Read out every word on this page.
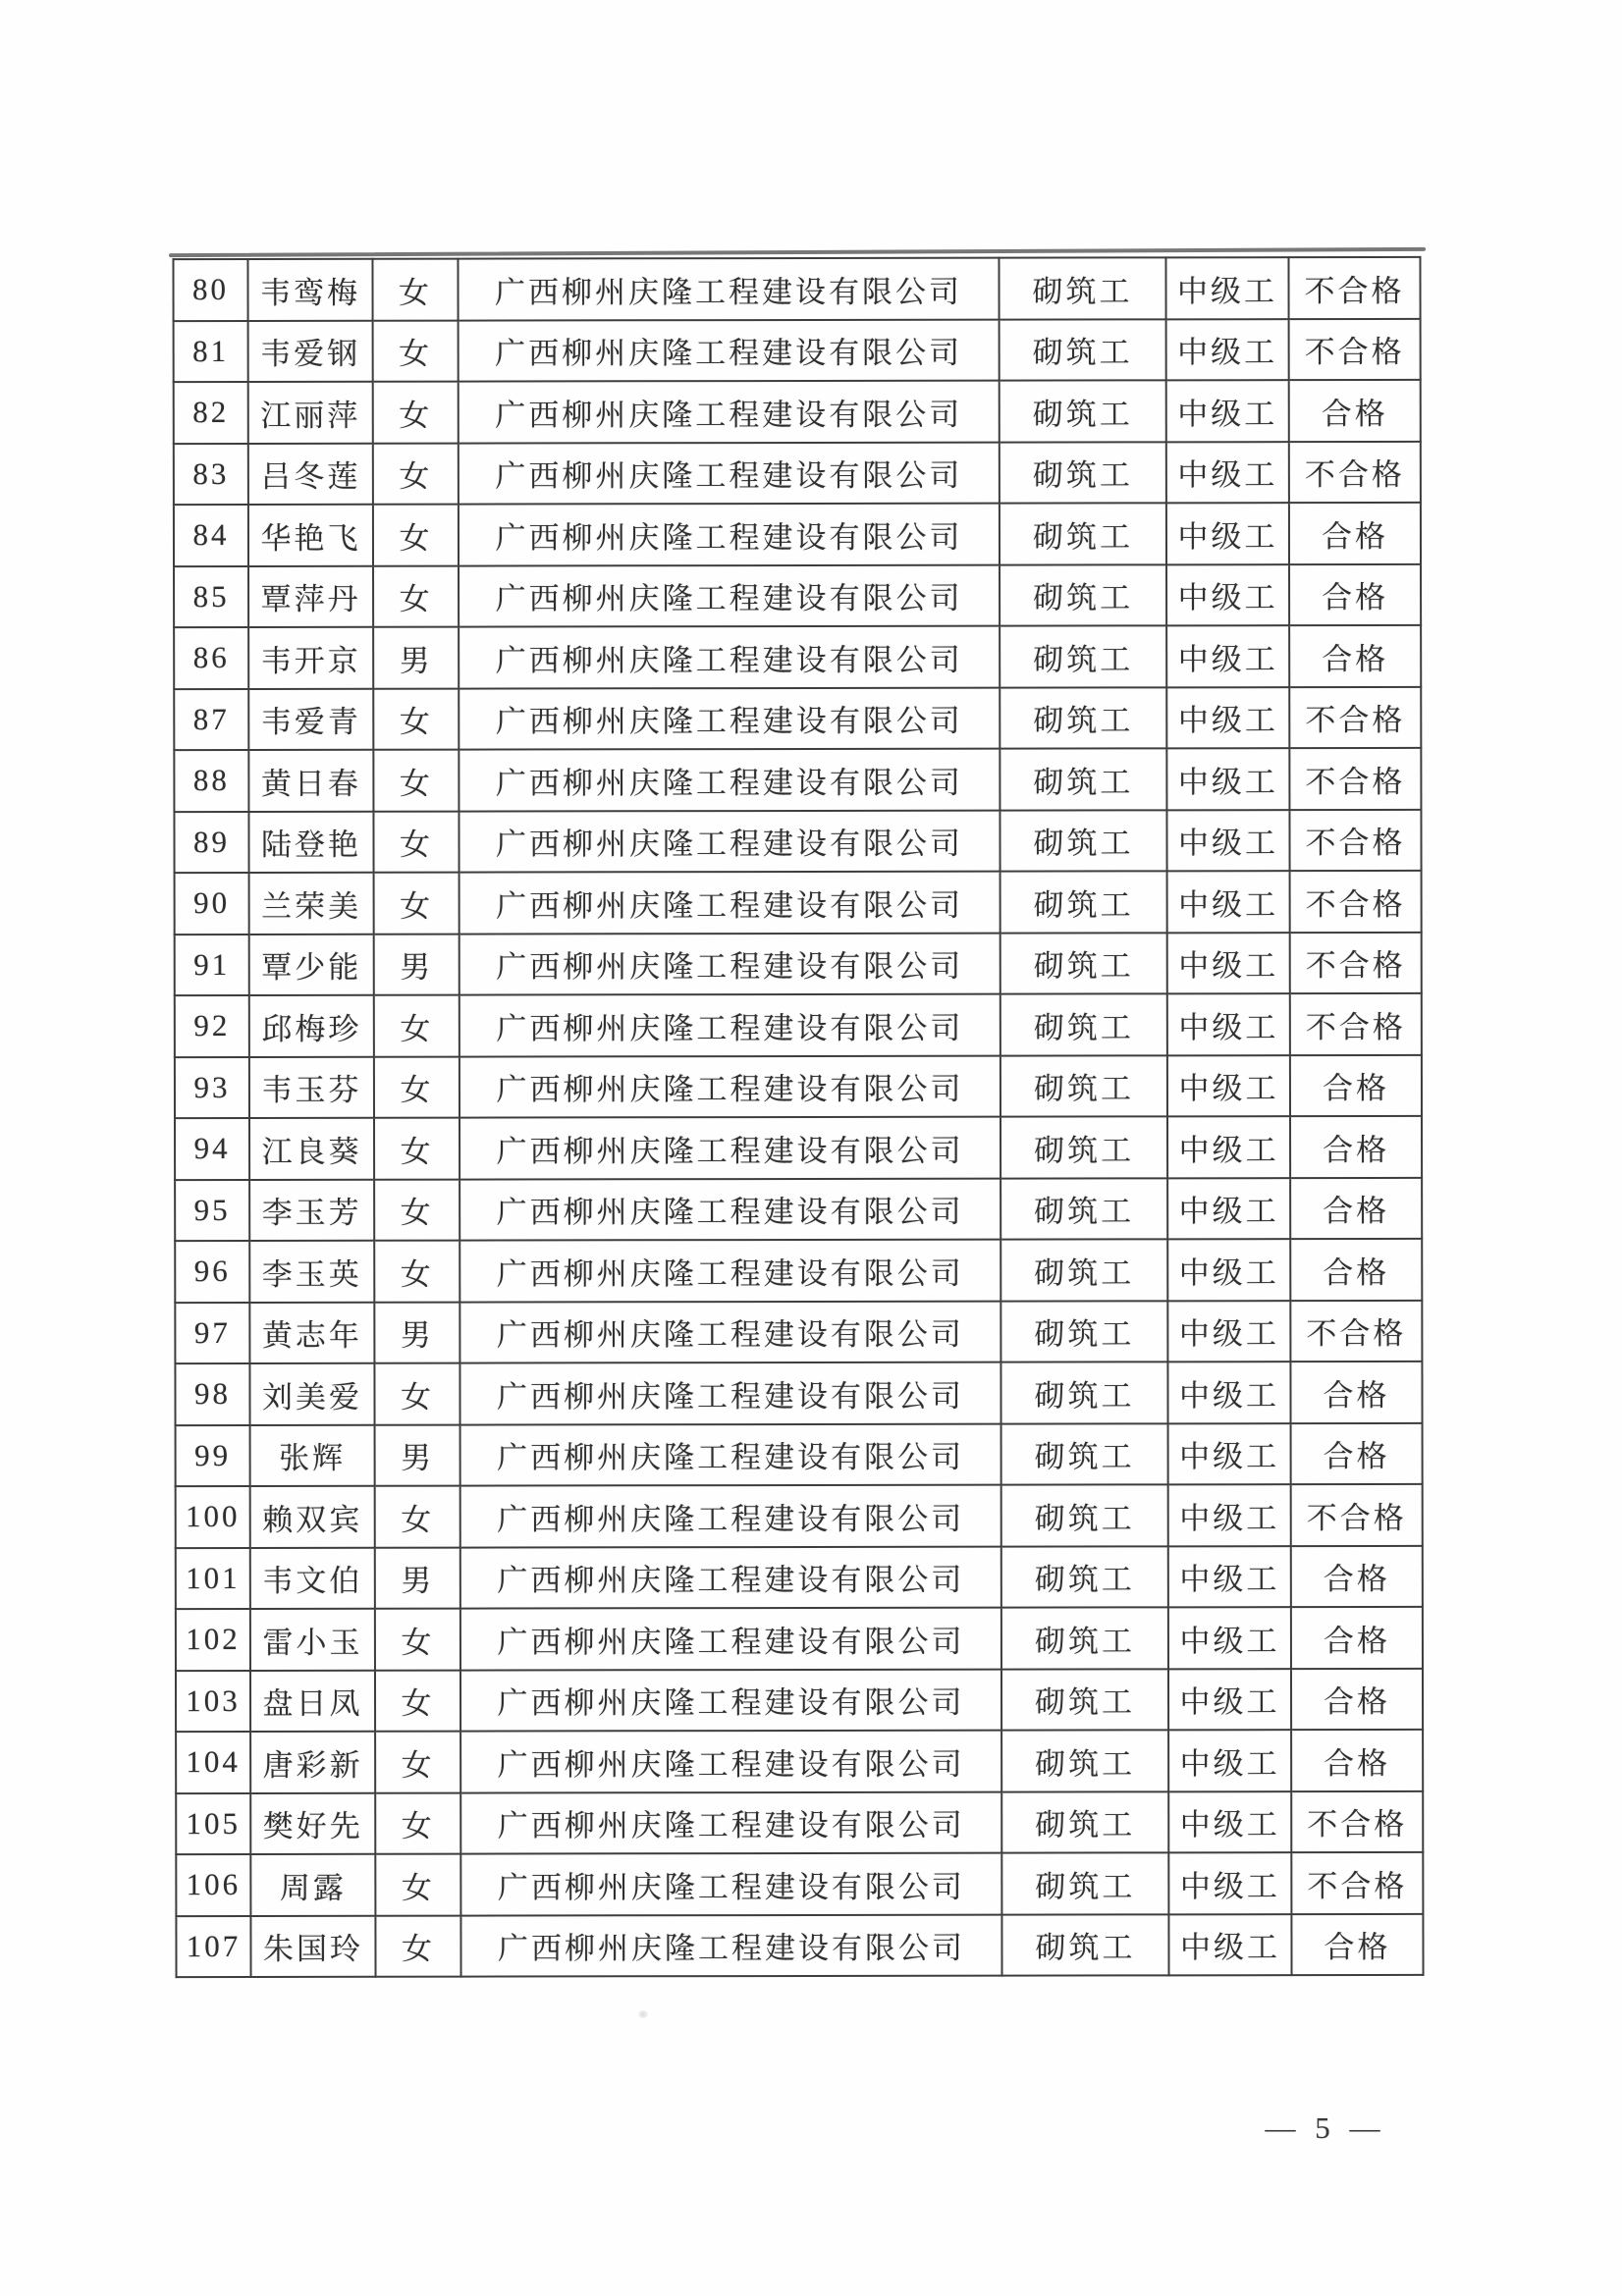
80	韦鸾梅	女	广西柳州庆隆工程建设有限公司	砌筑工	中级工	不合格
81	韦爱钢	女	广西柳州庆隆工程建设有限公司	砌筑工	中级工	不合格
82	江丽萍	女	广西柳州庆隆工程建设有限公司	砌筑工	中级工	合格
83	吕冬莲	女	广西柳州庆隆工程建设有限公司	砌筑工	中级工	不合格
84	华艳飞	女	广西柳州庆隆工程建设有限公司	砌筑工	中级工	合格
85	覃萍丹	女	广西柳州庆隆工程建设有限公司	砌筑工	中级工	合格
86	韦开京	男	广西柳州庆隆工程建设有限公司	砌筑工	中级工	合格
87	韦爱青	女	广西柳州庆隆工程建设有限公司	砌筑工	中级工	不合格
88	黄日春	女	广西柳州庆隆工程建设有限公司	砌筑工	中级工	不合格
89	陆登艳	女	广西柳州庆隆工程建设有限公司	砌筑工	中级工	不合格
90	兰荣美	女	广西柳州庆隆工程建设有限公司	砌筑工	中级工	不合格
91	覃少能	男	广西柳州庆隆工程建设有限公司	砌筑工	中级工	不合格
92	邱梅珍	女	广西柳州庆隆工程建设有限公司	砌筑工	中级工	不合格
93	韦玉芬	女	广西柳州庆隆工程建设有限公司	砌筑工	中级工	合格
94	江良葵	女	广西柳州庆隆工程建设有限公司	砌筑工	中级工	合格
95	李玉芳	女	广西柳州庆隆工程建设有限公司	砌筑工	中级工	合格
96	李玉英	女	广西柳州庆隆工程建设有限公司	砌筑工	中级工	合格
97	黄志年	男	广西柳州庆隆工程建设有限公司	砌筑工	中级工	不合格
98	刘美爱	女	广西柳州庆隆工程建设有限公司	砌筑工	中级工	合格
99	张辉	男	广西柳州庆隆工程建设有限公司	砌筑工	中级工	合格
100	赖双宾	女	广西柳州庆隆工程建设有限公司	砌筑工	中级工	不合格
101	韦文伯	男	广西柳州庆隆工程建设有限公司	砌筑工	中级工	合格
102	雷小玉	女	广西柳州庆隆工程建设有限公司	砌筑工	中级工	合格
103	盘日凤	女	广西柳州庆隆工程建设有限公司	砌筑工	中级工	合格
104	唐彩新	女	广西柳州庆隆工程建设有限公司	砌筑工	中级工	合格
105	樊好先	女	广西柳州庆隆工程建设有限公司	砌筑工	中级工	不合格
106	周露	女	广西柳州庆隆工程建设有限公司	砌筑工	中级工	不合格
107	朱国玲	女	广西柳州庆隆工程建设有限公司	砌筑工	中级工	合格
— 5 —
